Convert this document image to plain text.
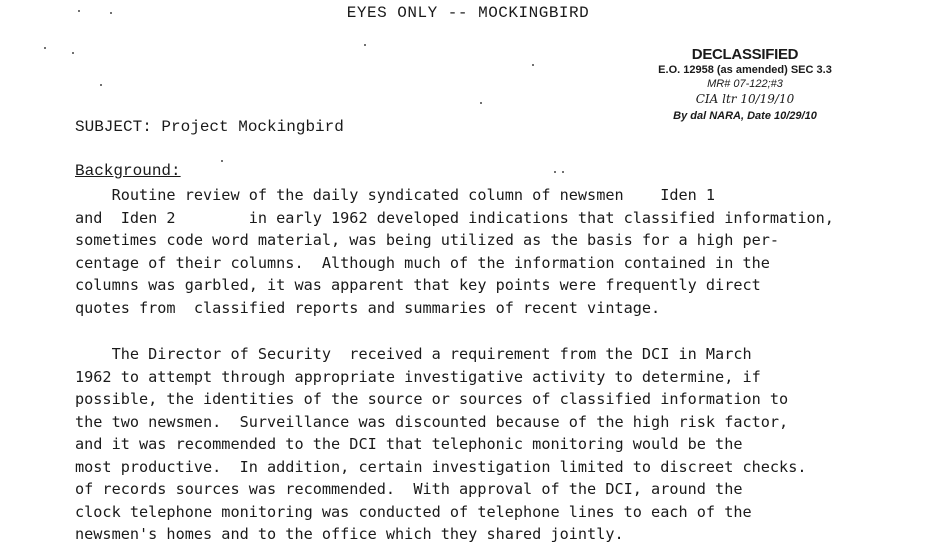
EYES ONLY -- MOCKINGBIRD
DECLASSIFIED
E.O. 12958 (as amended) SEC 3.3
MR# 07-122;#3
CIA ltr 10/19/10
By dal NARA, Date 10/29/10
SUBJECT: Project Mockingbird
Background:
Routine review of the daily syndicated column of newsmen    Iden 1
and  Iden 2        in early 1962 developed indications that classified information,
sometimes code word material, was being utilized as the basis for a high per-
centage of their columns.  Although much of the information contained in the
columns was garbled, it was apparent that key points were frequently direct
quotes from  classified reports and summaries of recent vintage.
The Director of Security  received a requirement from the DCI in March
1962 to attempt through appropriate investigative activity to determine, if
possible, the identities of the source or sources of classified information to
the two newsmen.  Surveillance was discounted because of the high risk factor,
and it was recommended to the DCI that telephonic monitoring would be the
most productive.  In addition, certain investigation limited to discreet checks.
of records sources was recommended.  With approval of the DCI, around the
clock telephone monitoring was conducted of telephone lines to each of the
newsmen's homes and to the office which they shared jointly.
